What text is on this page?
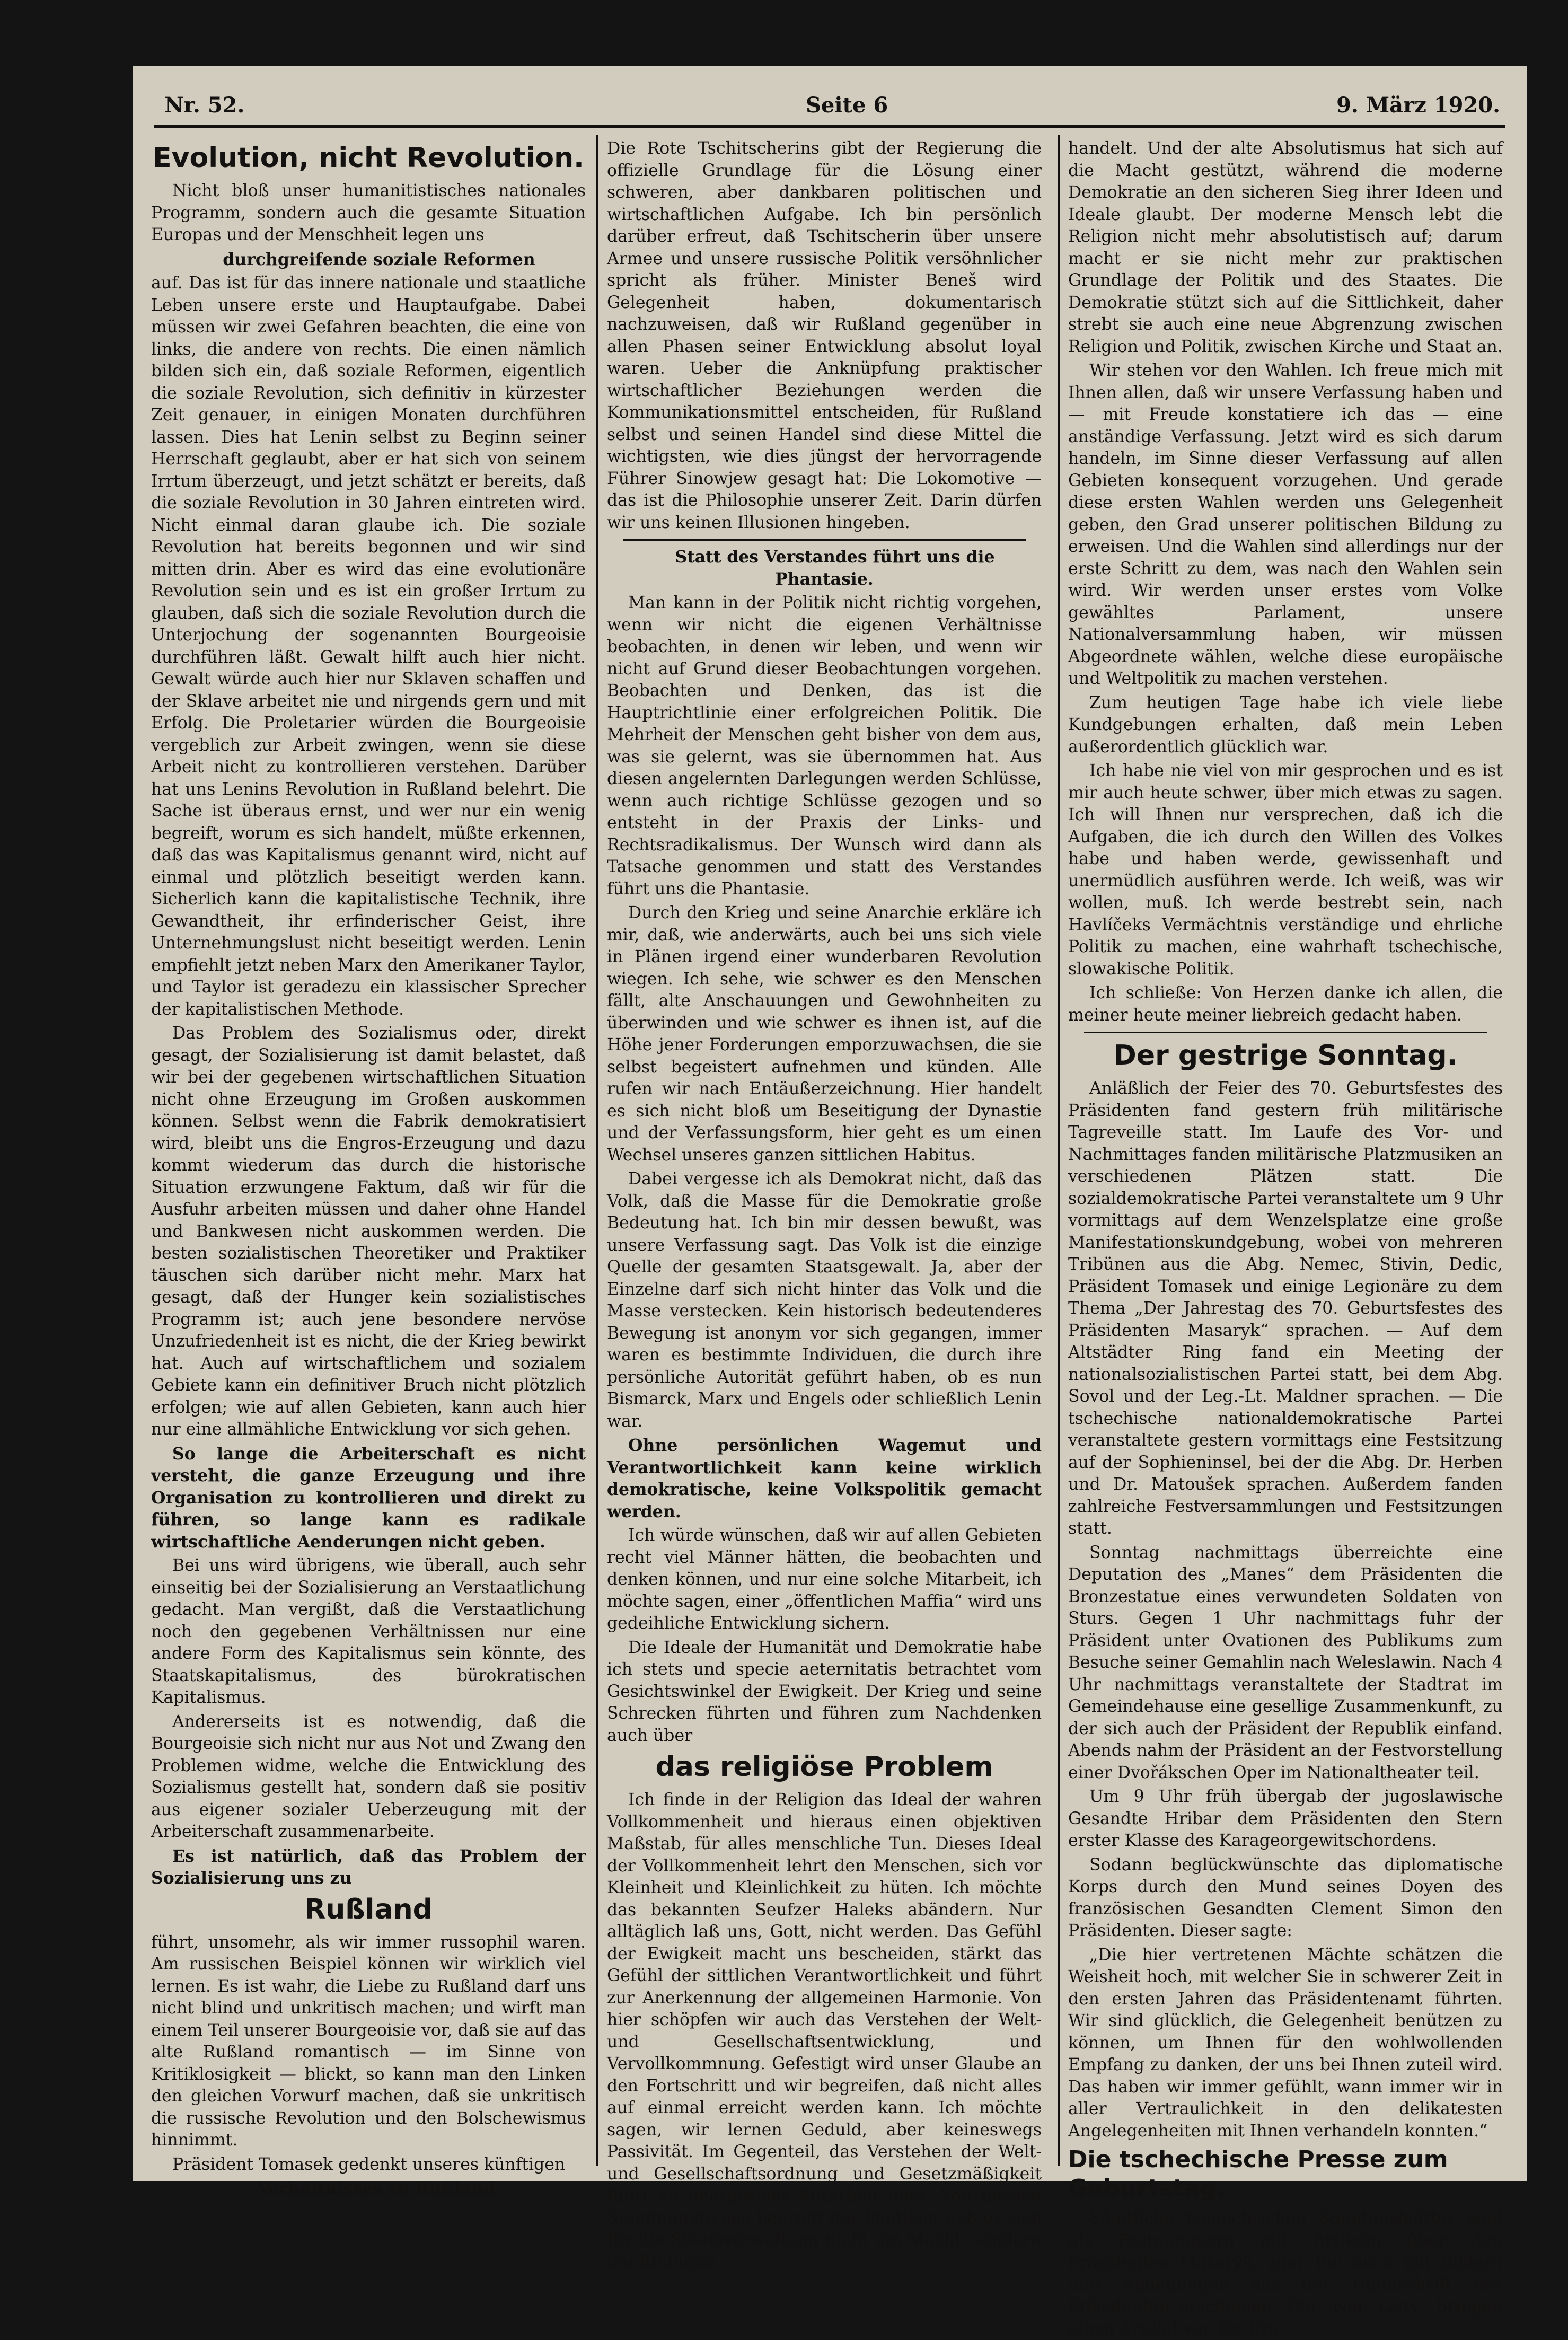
Nr. 52.	Seite 6	9. März 1920.
Evolution, nicht Revolution.

Nicht bloß unser humanitistisches nationales Programm, sondern auch die gesamte Situation Europas und der Menschheit legen uns

durchgreifende soziale Reformen

auf. Das ist für das innere nationale und staatliche Leben unsere erste und Hauptaufgabe. Dabei müssen wir zwei Gefahren beachten, die eine von links, die andere von rechts. Die einen nämlich bilden sich ein, daß soziale Reformen, eigentlich die soziale Revolution, sich definitiv in kürzester Zeit genauer, in einigen Monaten durchführen lassen. Dies hat Lenin selbst zu Beginn seiner Herrschaft geglaubt, aber er hat sich von seinem Irrtum überzeugt, und jetzt schätzt er bereits, daß die soziale Revolution in 30 Jahren eintreten wird. Nicht einmal daran glaube ich. Die soziale Revolution hat bereits begonnen und wir sind mitten drin. Aber es wird das eine evolutionäre Revolution sein und es ist ein großer Irrtum zu glauben, daß sich die soziale Revolution durch die Unterjochung der sogenannten Bourgeoisie durchführen läßt. Gewalt hilft auch hier nicht. Gewalt würde auch hier nur Sklaven schaffen und der Sklave arbeitet nie und nirgends gern und mit Erfolg. Die Proletarier würden die Bourgeoisie vergeblich zur Arbeit zwingen, wenn sie diese Arbeit nicht zu kontrollieren verstehen. Darüber hat uns Lenins Revolution in Rußland belehrt. Die Sache ist überaus ernst, und wer nur ein wenig begreift, worum es sich handelt, müßte erkennen, daß das was Kapitalismus genannt wird, nicht auf einmal und plötzlich beseitigt werden kann. Sicherlich kann die kapitalistische Technik, ihre Gewandtheit, ihr erfinderischer Geist, ihre Unternehmungslust nicht beseitigt werden. Lenin empfiehlt jetzt neben Marx den Amerikaner Taylor, und Taylor ist geradezu ein klassischer Sprecher der kapitalistischen Methode.

Das Problem des Sozialismus oder, direkt gesagt, der Sozialisierung ist damit belastet, daß wir bei der gegebenen wirtschaftlichen Situation nicht ohne Erzeugung im Großen auskommen können. Selbst wenn die Fabrik demokratisiert wird, bleibt uns die Engros-Erzeugung und dazu kommt wiederum das durch die historische Situation erzwungene Faktum, daß wir für die Ausfuhr arbeiten müssen und daher ohne Handel und Bankwesen nicht auskommen werden. Die besten sozialistischen Theoretiker und Praktiker täuschen sich darüber nicht mehr. Marx hat gesagt, daß der Hunger kein sozialistisches Programm ist; auch jene besondere nervöse Unzufriedenheit ist es nicht, die der Krieg bewirkt hat. Auch auf wirtschaftlichem und sozialem Gebiete kann ein definitiver Bruch nicht plötzlich erfolgen; wie auf allen Gebieten, kann auch hier nur eine allmähliche Entwicklung vor sich gehen.

So lange die Arbeiterschaft es nicht versteht, die ganze Erzeugung und ihre Organisation zu kontrollieren und direkt zu führen, so lange kann es radikale wirtschaftliche Aenderungen nicht geben.

Bei uns wird übrigens, wie überall, auch sehr einseitig bei der Sozialisierung an Verstaatlichung gedacht. Man vergißt, daß die Verstaatlichung noch den gegebenen Verhältnissen nur eine andere Form des Kapitalismus sein könnte, des Staatskapitalismus, des bürokratischen Kapitalismus.

Andererseits ist es notwendig, daß die Bourgeoisie sich nicht nur aus Not und Zwang den Problemen widme, welche die Entwicklung des Sozialismus gestellt hat, sondern daß sie positiv aus eigener sozialer Ueberzeugung mit der Arbeiterschaft zusammenarbeite.

Es ist natürlich, daß das Problem der Sozialisierung uns zu

Rußland

führt, unsomehr, als wir immer russophil waren. Am russischen Beispiel können wir wirklich viel lernen. Es ist wahr, die Liebe zu Rußland darf uns nicht blind und unkritisch machen; und wirft man einem Teil unserer Bourgeoisie vor, daß sie auf das alte Rußland romantisch — im Sinne von Kritiklosigkeit — blickt, so kann man den Linken den gleichen Vorwurf machen, daß sie unkritisch die russische Revolution und den Bolschewismus hinnimmt.

Präsident Tomasek gedenkt unseres künftigen

Verhältnisses zu Rußland.

Die Rote Tschitscherins gibt der Regierung die offizielle Grundlage für die Lösung einer schweren, aber dankbaren politischen und wirtschaftlichen Aufgabe. Ich bin persönlich darüber erfreut, daß Tschitscherin über unsere Armee und unsere russische Politik versöhnlicher spricht als früher. Minister Beneš wird Gelegenheit haben, dokumentarisch nachzuweisen, daß wir Rußland gegenüber in allen Phasen seiner Entwicklung absolut loyal waren. Ueber die Anknüpfung praktischer wirtschaftlicher Beziehungen werden die Kommunikationsmittel entscheiden, für Rußland selbst und seinen Handel sind diese Mittel die wichtigsten, wie dies jüngst der hervorragende Führer Sinowjew gesagt hat: Die Lokomotive — das ist die Philosophie unserer Zeit. Darin dürfen wir uns keinen Illusionen hingeben.

Statt des Verstandes führt uns die Phantasie.

Man kann in der Politik nicht richtig vorgehen, wenn wir nicht die eigenen Verhältnisse beobachten, in denen wir leben, und wenn wir nicht auf Grund dieser Beobachtungen vorgehen. Beobachten und Denken, das ist die Hauptrichtlinie einer erfolgreichen Politik. Die Mehrheit der Menschen geht bisher von dem aus, was sie gelernt, was sie übernommen hat. Aus diesen angelernten Darlegungen werden Schlüsse, wenn auch richtige Schlüsse gezogen und so entsteht in der Praxis der Links- und Rechtsradikalismus. Der Wunsch wird dann als Tatsache genommen und statt des Verstandes führt uns die Phantasie.

Durch den Krieg und seine Anarchie erkläre ich mir, daß, wie anderwärts, auch bei uns sich viele in Plänen irgend einer wunderbaren Revolution wiegen. Ich sehe, wie schwer es den Menschen fällt, alte Anschauungen und Gewohnheiten zu überwinden und wie schwer es ihnen ist, auf die Höhe jener Forderungen emporzuwachsen, die sie selbst begeistert aufnehmen und künden. Alle rufen wir nach Entäußerzeichnung. Hier handelt es sich nicht bloß um Beseitigung der Dynastie und der Verfassungsform, hier geht es um einen Wechsel unseres ganzen sittlichen Habitus.

Dabei vergesse ich als Demokrat nicht, daß das Volk, daß die Masse für die Demokratie große Bedeutung hat. Ich bin mir dessen bewußt, was unsere Verfassung sagt. Das Volk ist die einzige Quelle der gesamten Staatsgewalt. Ja, aber der Einzelne darf sich nicht hinter das Volk und die Masse verstecken. Kein historisch bedeutenderes Bewegung ist anonym vor sich gegangen, immer waren es bestimmte Individuen, die durch ihre persönliche Autorität geführt haben, ob es nun Bismarck, Marx und Engels oder schließlich Lenin war.

Ohne persönlichen Wagemut und Verantwortlichkeit kann keine wirklich demokratische, keine Volkspolitik gemacht werden.

Ich würde wünschen, daß wir auf allen Gebieten recht viel Männer hätten, die beobachten und denken können, und nur eine solche Mitarbeit, ich möchte sagen, einer „öffentlichen Maffia“ wird uns gedeihliche Entwicklung sichern.

Die Ideale der Humanität und Demokratie habe ich stets und specie aeternitatis betrachtet vom Gesichtswinkel der Ewigkeit. Der Krieg und seine Schrecken führten und führen zum Nachdenken auch über

das religiöse Problem

Ich finde in der Religion das Ideal der wahren Vollkommenheit und hieraus einen objektiven Maßstab, für alles menschliche Tun. Dieses Ideal der Vollkommenheit lehrt den Menschen, sich vor Kleinheit und Kleinlichkeit zu hüten. Ich möchte das bekannten Seufzer Haleks abändern. Nur alltäglich laß uns, Gott, nicht werden. Das Gefühl der Ewigkeit macht uns bescheiden, stärkt das Gefühl der sittlichen Verantwortlichkeit und führt zur Anerkennung der allgemeinen Harmonie. Von hier schöpfen wir auch das Verstehen der Welt- und Gesellschaftsentwicklung, und Vervollkommnung. Gefestigt wird unser Glaube an den Fortschritt und wir begreifen, daß nicht alles auf einmal erreicht werden kann. Ich möchte sagen, wir lernen Geduld, aber keineswegs Passivität. Im Gegenteil, das Verstehen der Welt- und Gesellschaftsordnung und Gesetzmäßigkeit führt zu energischer Mitarbeit aller. Von diesem Standpunkte aus begreift der Politiker, daß es sich für die Staatsverwaltung nicht um Macht, sondern um Einflüsse

handelt. Und der alte Absolutismus hat sich auf die Macht gestützt, während die moderne Demokratie an den sicheren Sieg ihrer Ideen und Ideale glaubt. Der moderne Mensch lebt die Religion nicht mehr absolutistisch auf; darum macht er sie nicht mehr zur praktischen Grundlage der Politik und des Staates. Die Demokratie stützt sich auf die Sittlichkeit, daher strebt sie auch eine neue Abgrenzung zwischen Religion und Politik, zwischen Kirche und Staat an.

Wir stehen vor den Wahlen. Ich freue mich mit Ihnen allen, daß wir unsere Verfassung haben und — mit Freude konstatiere ich das — eine anständige Verfassung. Jetzt wird es sich darum handeln, im Sinne dieser Verfassung auf allen Gebieten konsequent vorzugehen. Und gerade diese ersten Wahlen werden uns Gelegenheit geben, den Grad unserer politischen Bildung zu erweisen. Und die Wahlen sind allerdings nur der erste Schritt zu dem, was nach den Wahlen sein wird. Wir werden unser erstes vom Volke gewähltes Parlament, unsere Nationalversammlung haben, wir müssen Abgeordnete wählen, welche diese europäische und Weltpolitik zu machen verstehen.

Zum heutigen Tage habe ich viele liebe Kundgebungen erhalten, daß mein Leben außerordentlich glücklich war.

Ich habe nie viel von mir gesprochen und es ist mir auch heute schwer, über mich etwas zu sagen. Ich will Ihnen nur versprechen, daß ich die Aufgaben, die ich durch den Willen des Volkes habe und haben werde, gewissenhaft und unermüdlich ausführen werde. Ich weiß, was wir wollen, muß. Ich werde bestrebt sein, nach Havlíčeks Vermächtnis verständige und ehrliche Politik zu machen, eine wahrhaft tschechische, slowakische Politik.

Ich schließe: Von Herzen danke ich allen, die meiner heute meiner liebreich gedacht haben.

Der gestrige Sonntag.

Anläßlich der Feier des 70. Geburtsfestes des Präsidenten fand gestern früh militärische Tagreveille statt. Im Laufe des Vor- und Nachmittages fanden militärische Platzmusiken an verschiedenen Plätzen statt. Die sozialdemokratische Partei veranstaltete um 9 Uhr vormittags auf dem Wenzelsplatze eine große Manifestationskundgebung, wobei von mehreren Tribünen aus die Abg. Nemec, Stivin, Dedic, Präsident Tomasek und einige Legionäre zu dem Thema „Der Jahrestag des 70. Geburtsfestes des Präsidenten Masaryk“ sprachen. — Auf dem Altstädter Ring fand ein Meeting der nationalsozialistischen Partei statt, bei dem Abg. Sovol und der Leg.-Lt. Maldner sprachen. — Die tschechische nationaldemokratische Partei veranstaltete gestern vormittags eine Festsitzung auf der Sophieninsel, bei der die Abg. Dr. Herben und Dr. Matoušek sprachen. Außerdem fanden zahlreiche Festversammlungen und Festsitzungen statt.

Sonntag nachmittags überreichte eine Deputation des „Manes“ dem Präsidenten die Bronzestatue eines verwundeten Soldaten von Sturs. Gegen 1 Uhr nachmittags fuhr der Präsident unter Ovationen des Publikums zum Besuche seiner Gemahlin nach Weleslawin. Nach 4 Uhr nachmittags veranstaltete der Stadtrat im Gemeindehause eine gesellige Zusammenkunft, zu der sich auch der Präsident der Republik einfand. Abends nahm der Präsident an der Festvorstellung einer Dvořákschen Oper im Nationaltheater teil.

Um 9 Uhr früh übergab der jugoslawische Gesandte Hribar dem Präsidenten den Stern erster Klasse des Karageorgewitschordens.

Sodann beglückwünschte das diplomatische Korps durch den Mund seines Doyen des französischen Gesandten Clement Simon den Präsidenten. Dieser sagte:

„Die hier vertretenen Mächte schätzen die Weisheit hoch, mit welcher Sie in schwerer Zeit in den ersten Jahren das Präsidentenamt führten. Wir sind glücklich, die Gelegenheit benützen zu können, um Ihnen für den wohlwollenden Empfang zu danken, der uns bei Ihnen zuteil wird. Das haben wir immer gefühlt, wann immer wir in aller Vertraulichkeit in den delikatesten Angelegenheiten mit Ihnen verhandeln konnten.“

Die tschechische Presse zum Geburtstag.

Sämtliche tschechischen Sonntagsblätter sind als Festnummern mit Artikeln über den Präsidenten Masaryk, zum Teil auch mit Bildern und Abbildungen aus der Handschrift des Präsidenten erschienen. Die „Nar. Listy“ bringen einen Artikel von Dr. Kra-
